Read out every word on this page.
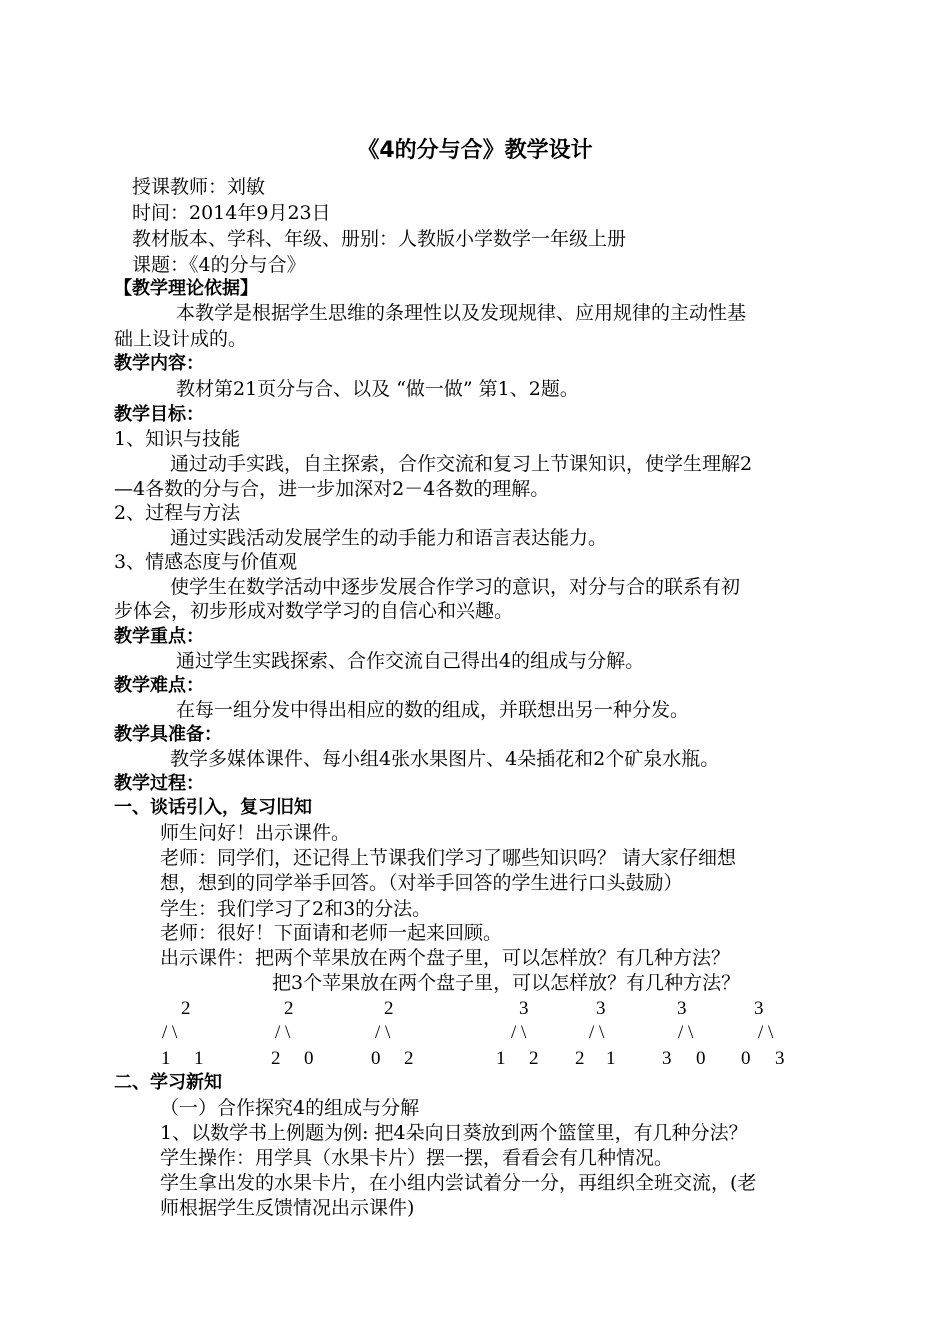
《4的分与合》教学设计
授课教师：刘敏
时间：2014年9月23日
教材版本、学科、年级、册别：人教版小学数学一年级上册
课题：《4的分与合》
【教学理论依据】
本教学是根据学生思维的条理性以及发现规律、应用规律的主动性基
础上设计成的。
教学内容：
教材第21页分与合、以及 “做一做” 第1、2题。
教学目标：
1、知识与技能
通过动手实践，自主探索，合作交流和复习上节课知识，使学生理解2
—4各数的分与合，进一步加深对2－4各数的理解。
2、过程与方法
通过实践活动发展学生的动手能力和语言表达能力。
3、情感态度与价值观
使学生在数学活动中逐步发展合作学习的意识，对分与合的联系有初
步体会，初步形成对数学学习的自信心和兴趣。
教学重点：
通过学生实践探索、合作交流自己得出4的组成与分解。
教学难点：
在每一组分发中得出相应的数的组成，并联想出另一种分发。
教学具准备：
教学多媒体课件、每小组4张水果图片、4朵插花和2个矿泉水瓶。
教学过程：
一、谈话引入，复习旧知
师生问好！出示课件。
老师：同学们，还记得上节课我们学习了哪些知识吗？ 请大家仔细想
想，想到的同学举手回答。（对举手回答的学生进行口头鼓励）
学生：我们学习了2和3的分法。
老师：很好！下面请和老师一起来回顾。
出示课件：把两个苹果放在两个盘子里，可以怎样放？有几种方法？
把3个苹果放在两个盘子里，可以怎样放？有几种方法？
2
/ \
1 1
2
/ \
2 0
2
/ \
0 2
3
/ \
1 2
3
/ \
2 1
3
/ \
3 0
3
/ \
0 3
二、学习新知
（一）合作探究4的组成与分解
1、以数学书上例题为例: 把4朵向日葵放到两个篮筐里，有几种分法？
学生操作：用学具（水果卡片）摆一摆，看看会有几种情况。
学生拿出发的水果卡片，在小组内尝试着分一分，再组织全班交流，(老
师根据学生反馈情况出示课件)
